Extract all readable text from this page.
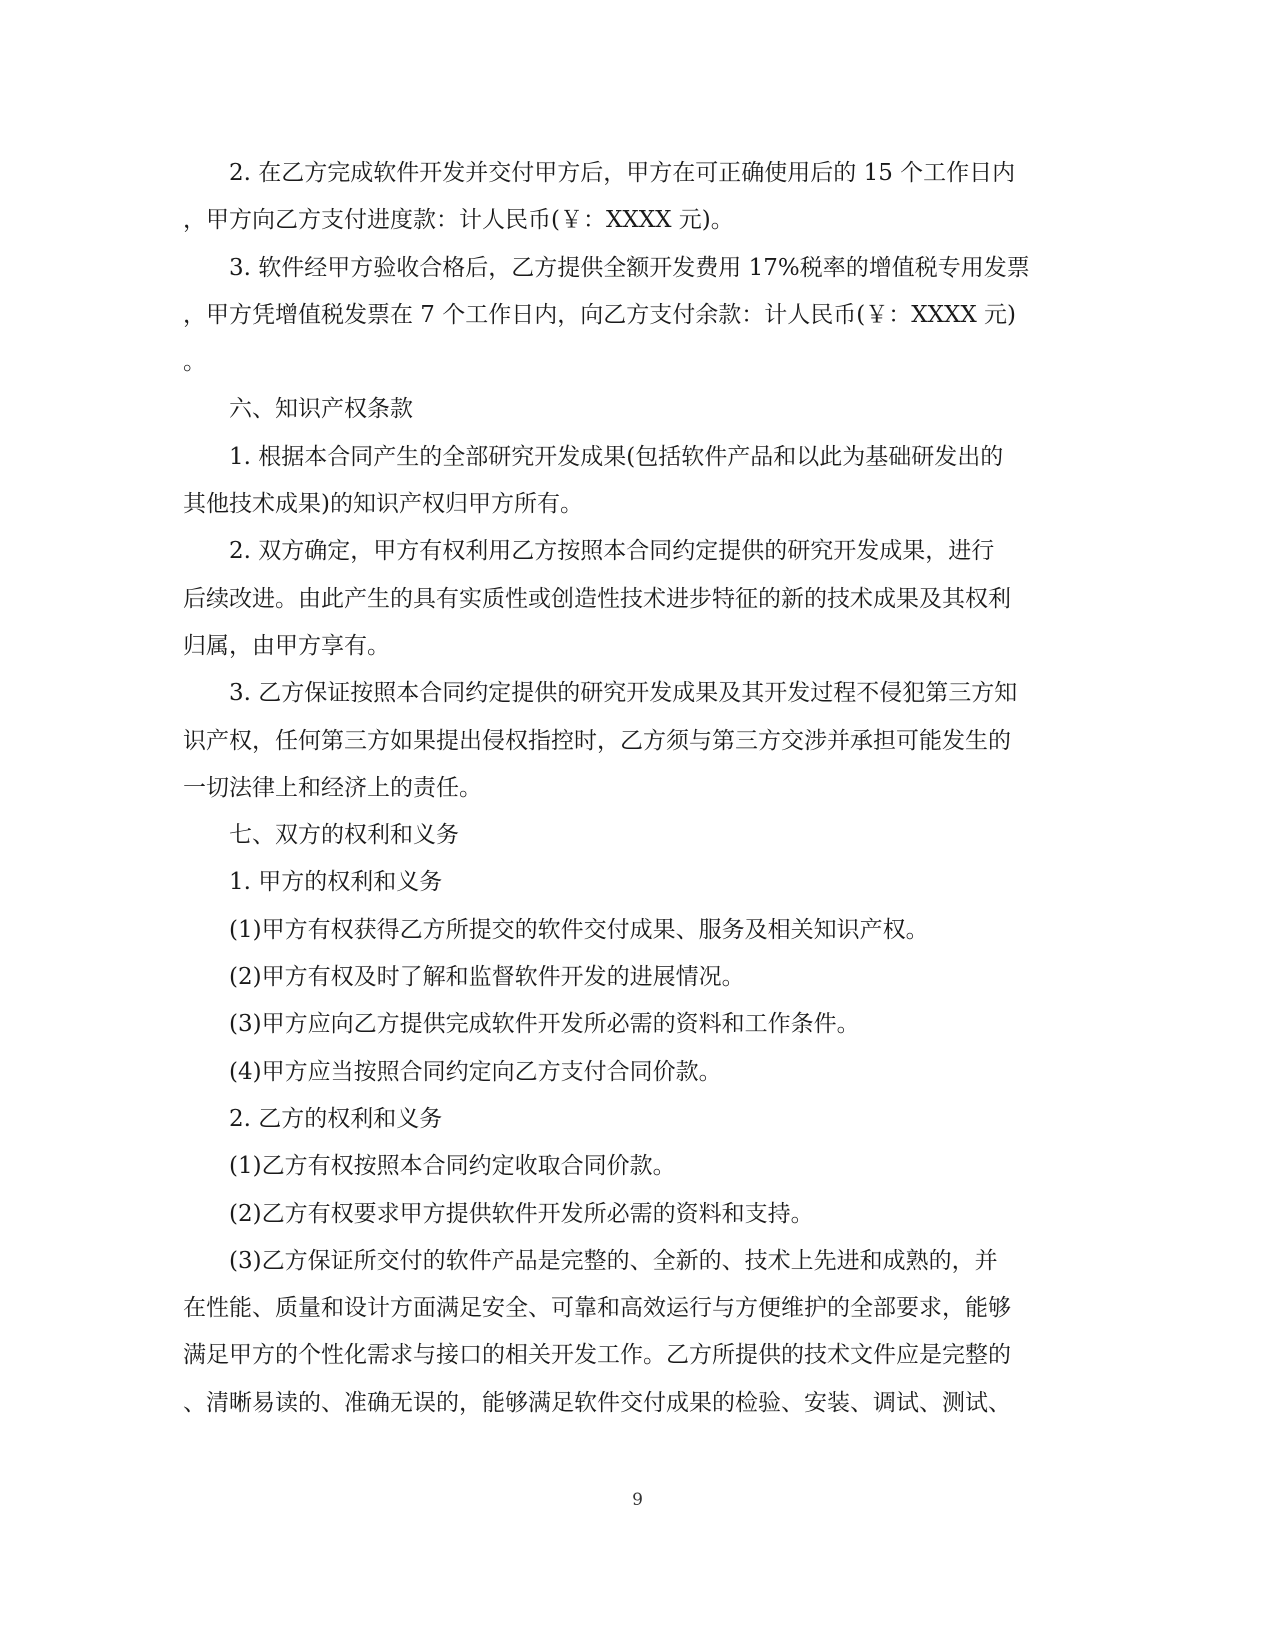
2. 在乙方完成软件开发并交付甲方后，甲方在可正确使用后的 15 个工作日内
，甲方向乙方支付进度款：计人民币(￥：XXXX 元)。
3. 软件经甲方验收合格后，乙方提供全额开发费用 17%税率的增值税专用发票
，甲方凭增值税发票在 7 个工作日内，向乙方支付余款：计人民币(￥：XXXX 元)
。
六、知识产权条款
1. 根据本合同产生的全部研究开发成果(包括软件产品和以此为基础研发出的
其他技术成果)的知识产权归甲方所有。
2. 双方确定，甲方有权利用乙方按照本合同约定提供的研究开发成果，进行
后续改进。由此产生的具有实质性或创造性技术进步特征的新的技术成果及其权利
归属，由甲方享有。
3. 乙方保证按照本合同约定提供的研究开发成果及其开发过程不侵犯第三方知
识产权，任何第三方如果提出侵权指控时，乙方须与第三方交涉并承担可能发生的
一切法律上和经济上的责任。
七、双方的权利和义务
1. 甲方的权利和义务
(1)甲方有权获得乙方所提交的软件交付成果、服务及相关知识产权。
(2)甲方有权及时了解和监督软件开发的进展情况。
(3)甲方应向乙方提供完成软件开发所必需的资料和工作条件。
(4)甲方应当按照合同约定向乙方支付合同价款。
2. 乙方的权利和义务
(1)乙方有权按照本合同约定收取合同价款。
(2)乙方有权要求甲方提供软件开发所必需的资料和支持。
(3)乙方保证所交付的软件产品是完整的、全新的、技术上先进和成熟的，并
在性能、质量和设计方面满足安全、可靠和高效运行与方便维护的全部要求，能够
满足甲方的个性化需求与接口的相关开发工作。乙方所提供的技术文件应是完整的
、清晰易读的、准确无误的，能够满足软件交付成果的检验、安装、调试、测试、
9
